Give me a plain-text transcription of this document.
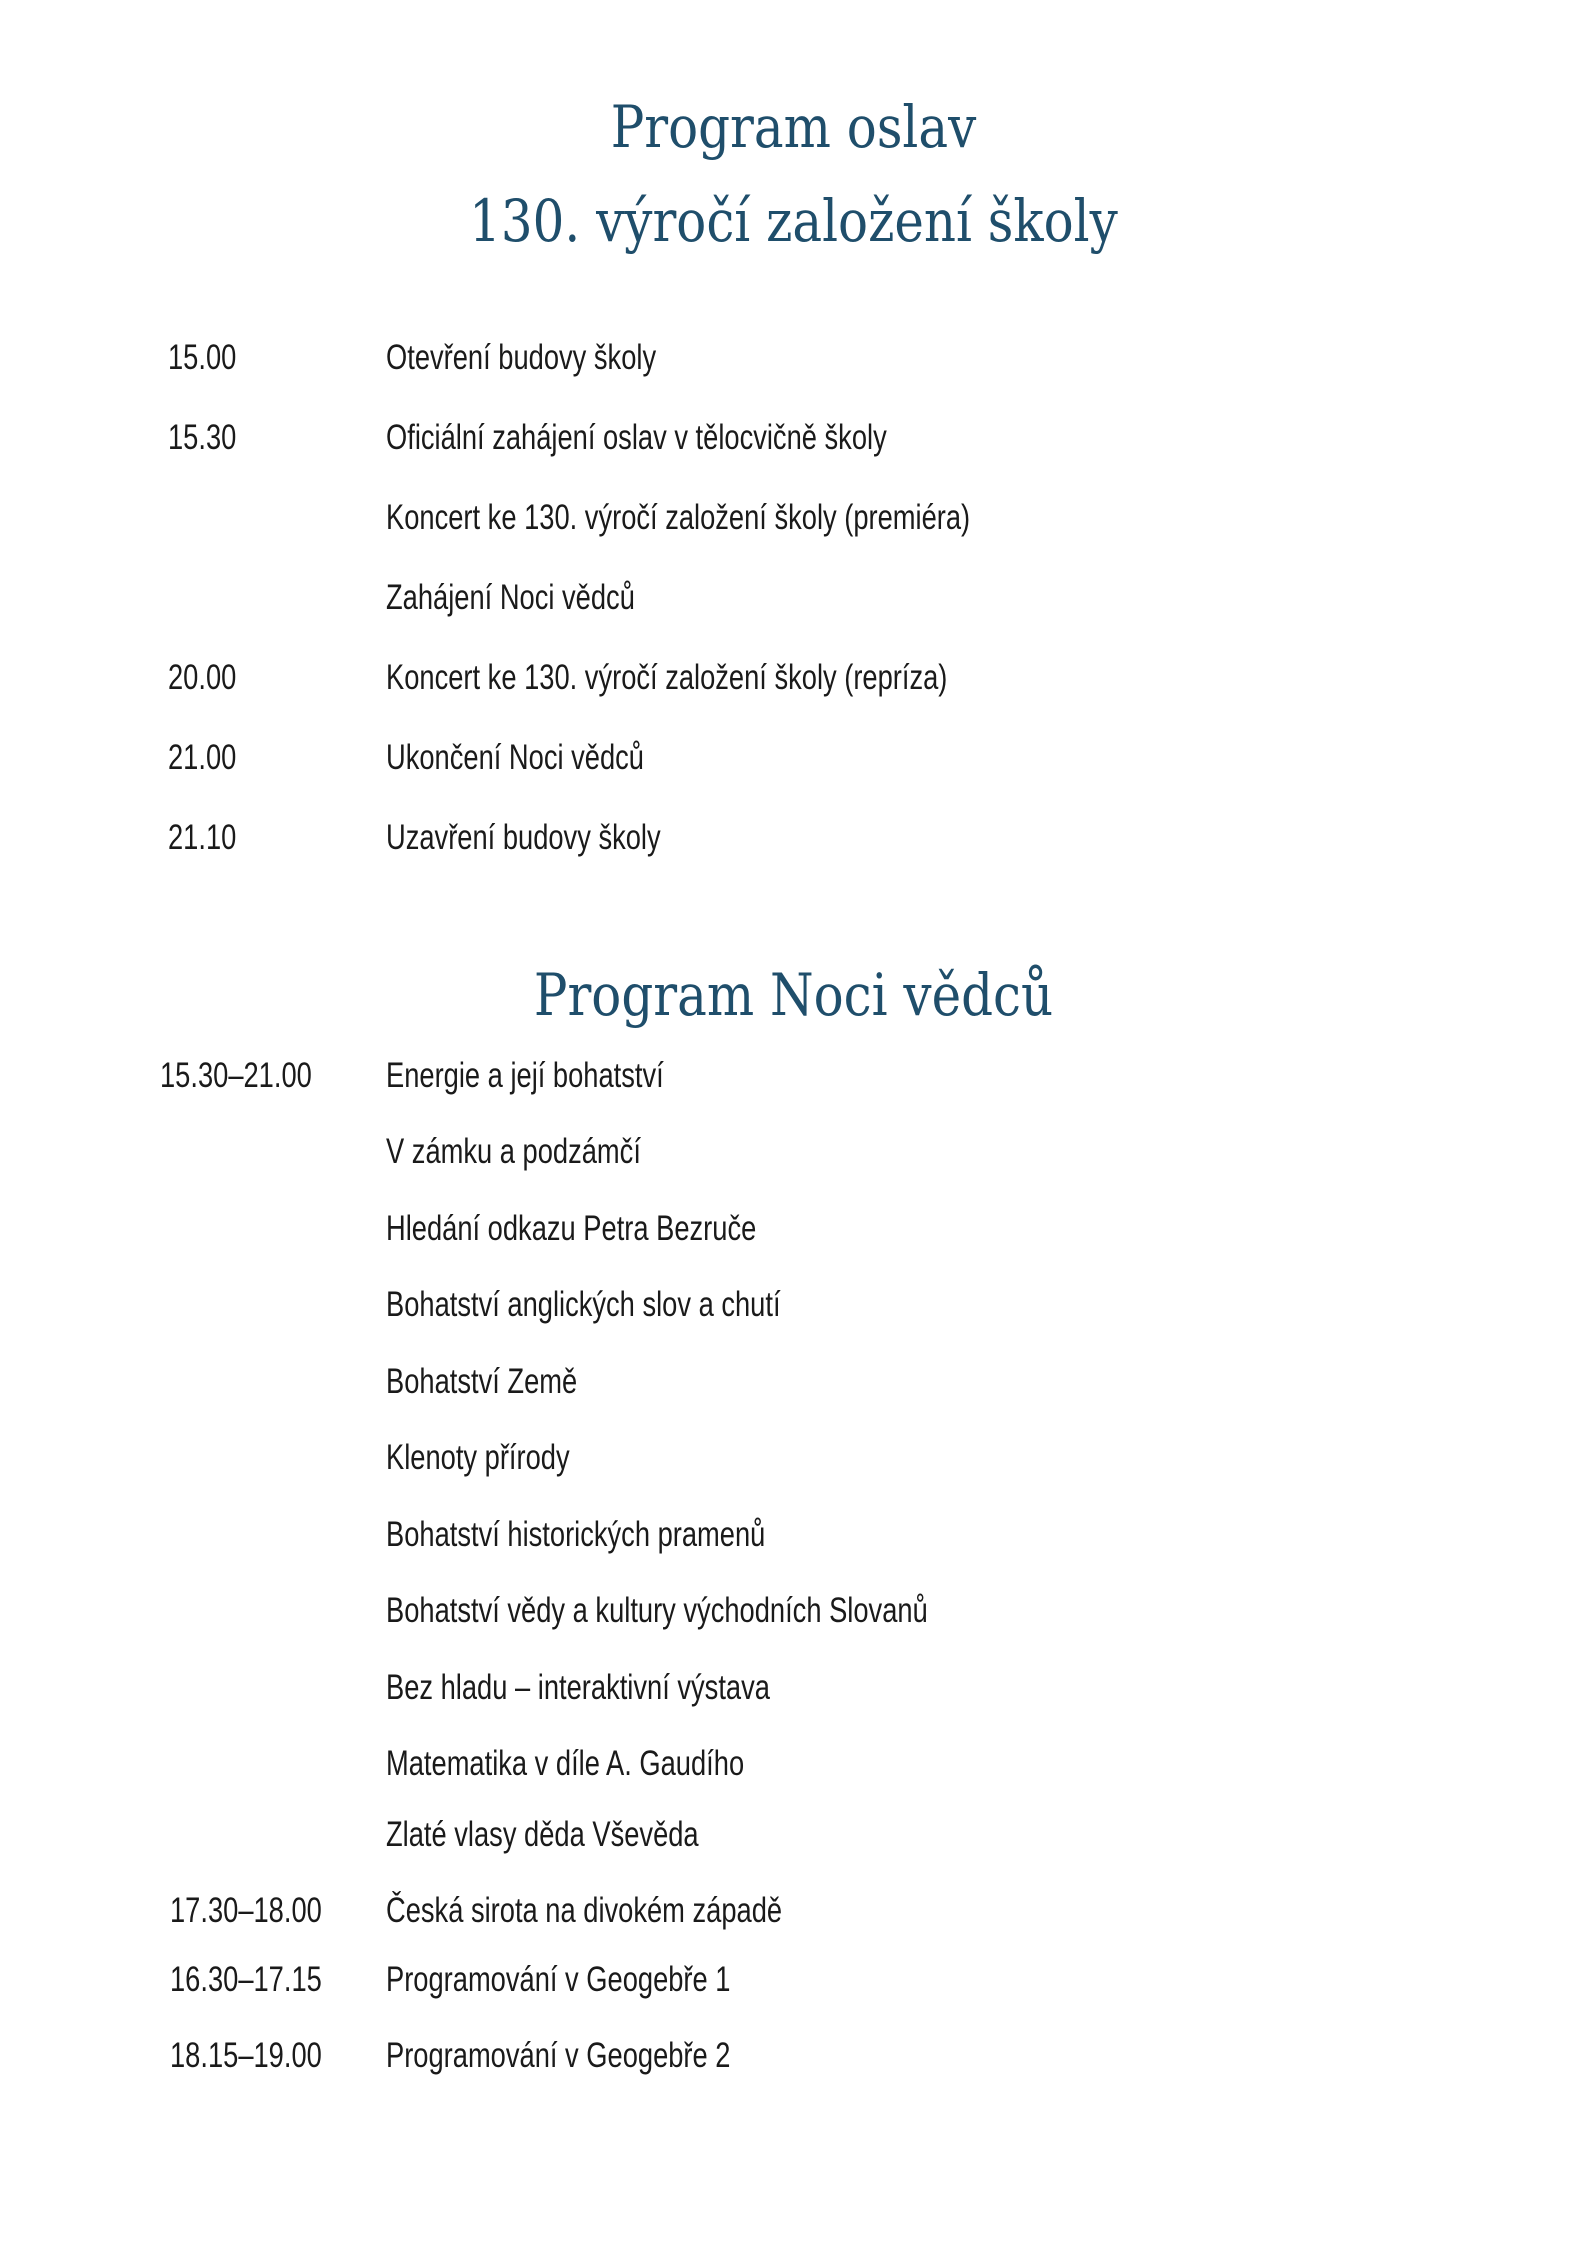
Program oslav
130. výročí založení školy
15.00	Otevření budovy školy
15.30	Oficiální zahájení oslav v tělocvičně školy
Koncert ke 130. výročí založení školy (premiéra)
Zahájení Noci vědců
20.00	Koncert ke 130. výročí založení školy (repríza)
21.00	Ukončení Noci vědců
21.10	Uzavření budovy školy
Program Noci vědců
15.30–21.00 Energie a její bohatství
V zámku a podzámčí
Hledání odkazu Petra Bezruče
Bohatství anglických slov a chutí
Bohatství Země
Klenoty přírody
Bohatství historických pramenů
Bohatství vědy a kultury východních Slovanů
Bez hladu – interaktivní výstava
Matematika v díle A. Gaudího
Zlaté vlasy děda Vševěda
17.30–18.00 Česká sirota na divokém západě
16.30–17.15 Programování v Geogebře 1
18.15–19.00 Programování v Geogebře 2
